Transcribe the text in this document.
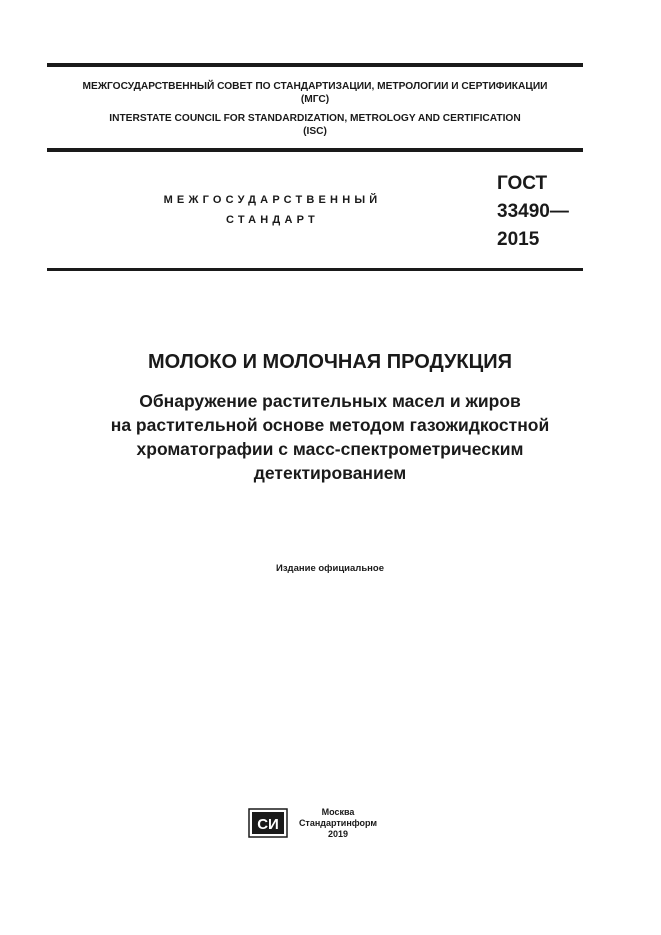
МЕЖГОСУДАРСТВЕННЫЙ СОВЕТ ПО СТАНДАРТИЗАЦИИ, МЕТРОЛОГИИ И СЕРТИФИКАЦИИ
(МГС)
INTERSTATE COUNCIL FOR STANDARDIZATION, METROLOGY AND CERTIFICATION
(ISC)
МЕЖГОСУДАРСТВЕННЫЙ
СТАНДАРТ
ГОСТ
33490—
2015
МОЛОКО И МОЛОЧНАЯ ПРОДУКЦИЯ
Обнаружение растительных масел и жиров
на растительной основе методом газожидкостной
хроматографии с масс-спектрометрическим
детектированием
Издание официальное
СИ
Москва
Стандартинформ
2019
